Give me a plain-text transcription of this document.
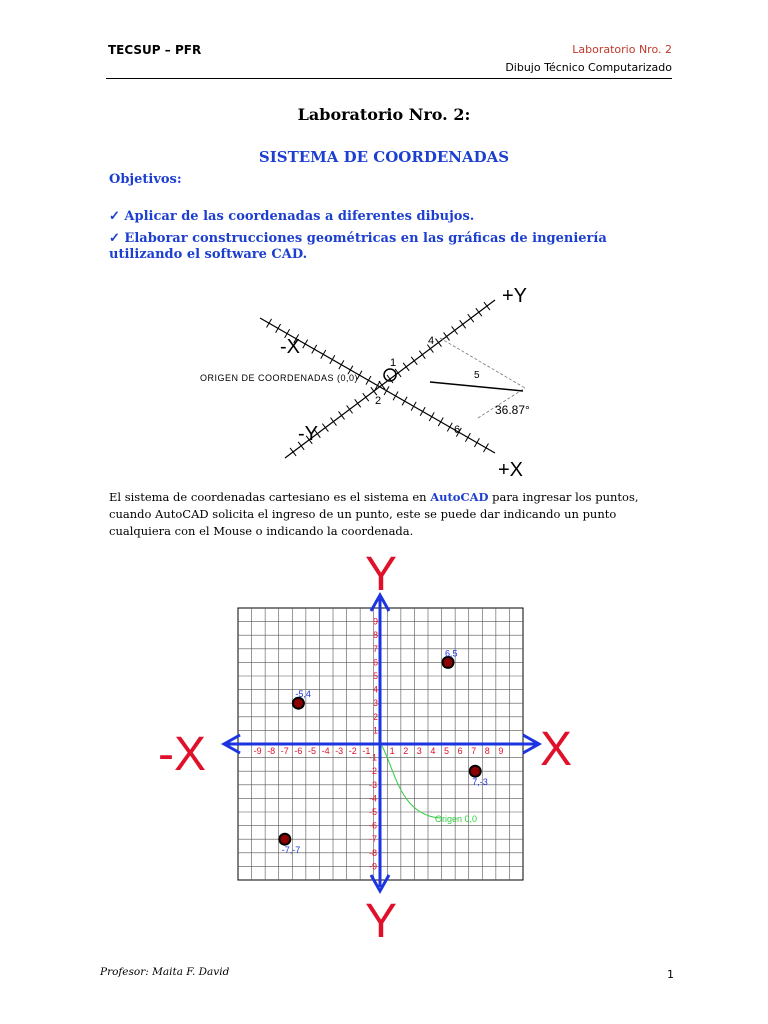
TECSUP – PFR	Laboratorio Nro. 2
Dibujo Técnico Computarizado
Laboratorio Nro. 2:
SISTEMA DE COORDENADAS
Objetivos:
✓ Aplicar de las coordenadas a diferentes dibujos.
✓ Elaborar construcciones geométricas en las gráficas de ingeniería utilizando el software CAD.
+Y
-X
-Y
+X
ORIGEN DE COORDENADAS (0,0)
36.87°
1
2
4
5
6
El sistema de coordenadas cartesiano es el sistema en AutoCAD para ingresar los puntos, cuando AutoCAD solicita el ingreso de un punto, este se puede dar indicando un punto cualquiera con el Mouse o indicando la coordenada.
Y
Y
-X	X
-9 -8 -7 -6 -5 -4 -3 -2 -1 1 2 3 4 5 6 7 8 9
9
8
7
6
5
4
3
2
1
-1
-2
-3
-4
-5
-6
-7
-8
-9
Origen 0,0
6,5
-5,4
7,-3
-7,-7
Profesor: Maita F. David	1
